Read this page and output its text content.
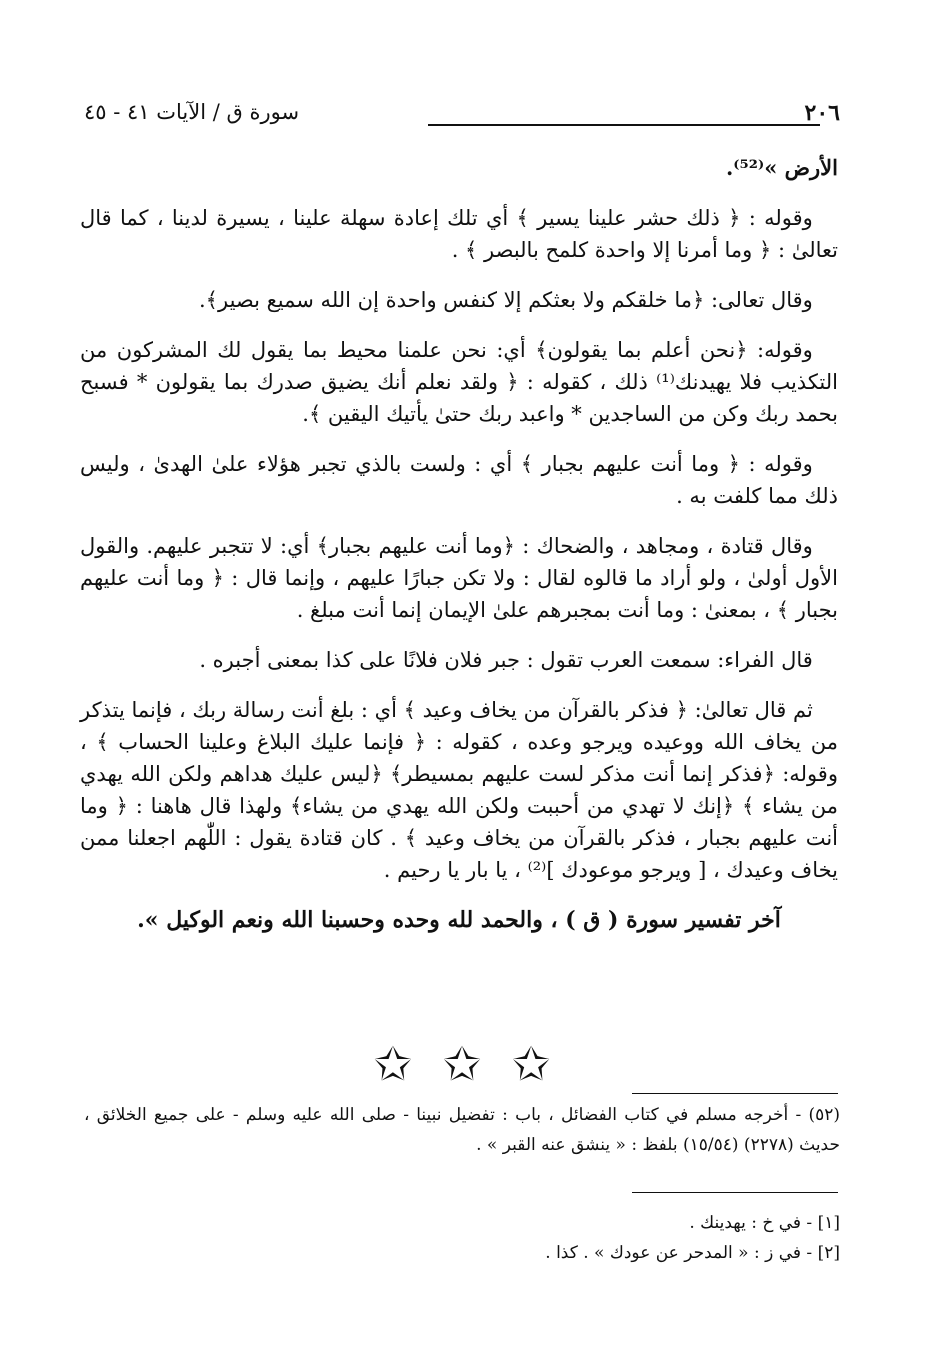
٢٠٦
سورة ق / الآيات ٤١ - ٤٥

الأرض »⁽⁵²⁾.

وقوله : ﴿ ذلك حشر علينا يسير ﴾ أي تلك إعادة سهلة علينا ، يسيرة لدينا ، كما قال تعالىٰ : ﴿ وما أمرنا إلا واحدة كلمح بالبصر ﴾ .

وقال تعالى: ﴿ما خلقكم ولا بعثكم إلا كنفس واحدة إن الله سميع بصير﴾.

وقوله: ﴿نحن أعلم بما يقولون﴾ أي: نحن علمنا محيط بما يقول لك المشركون من التكذيب فلا يهيدنك⁽¹⁾ ذلك ، كقوله : ﴿ ولقد نعلم أنك يضيق صدرك بما يقولون * فسبح بحمد ربك وكن من الساجدين * واعبد ربك حتىٰ يأتيك اليقين ﴾.

وقوله : ﴿ وما أنت عليهم بجبار ﴾ أي : ولست بالذي تجبر هؤلاء علىٰ الهدىٰ ، وليس ذلك مما كلفت به .

وقال قتادة ، ومجاهد ، والضحاك : ﴿وما أنت عليهم بجبار﴾ أي: لا تتجبر عليهم. والقول الأول أولىٰ ، ولو أراد ما قالوه لقال : ولا تكن جبارًا عليهم ، وإنما قال : ﴿ وما أنت عليهم بجبار ﴾ ، بمعنىٰ : وما أنت بمجبرهم علىٰ الإيمان إنما أنت مبلغ .

قال الفراء: سمعت العرب تقول : جبر فلان فلانًا على كذا بمعنى أجبره .

ثم قال تعالىٰ: ﴿ فذكر بالقرآن من يخاف وعيد ﴾ أي : بلغ أنت رسالة ربك ، فإنما يتذكر من يخاف الله ووعيده ويرجو وعده ، كقوله : ﴿ فإنما عليك البلاغ وعلينا الحساب ﴾ ، وقوله: ﴿فذكر إنما أنت مذكر لست عليهم بمسيطر﴾ ﴿ليس عليك هداهم ولكن الله يهدي من يشاء ﴾ ﴿إنك لا تهدي من أحببت ولكن الله يهدي من يشاء﴾ ولهذا قال هاهنا : ﴿ وما أنت عليهم بجبار ، فذكر بالقرآن من يخاف وعيد ﴾ . كان قتادة يقول : اللّٰهم اجعلنا ممن يخاف وعيدك ، [ ويرجو موعودك ]⁽²⁾ ، يا بار يا رحيم .

آخر تفسير سورة ( ق ) ، والحمد لله وحده وحسبنا الله ونعم الوكيل ».

✩ ✩ ✩
(٥٢) - أخرجه مسلم في كتاب الفضائل ، باب : تفضيل نبينا - صلى الله عليه وسلم - على جميع الخلائق ، حديث (٢٢٧٨) (١٥/٥٤) بلفظ : « ينشق عنه القبر » .
[١] - في خ : يهدينك .
[٢] - في ز : « المدحر عن عودك » . كذا .
